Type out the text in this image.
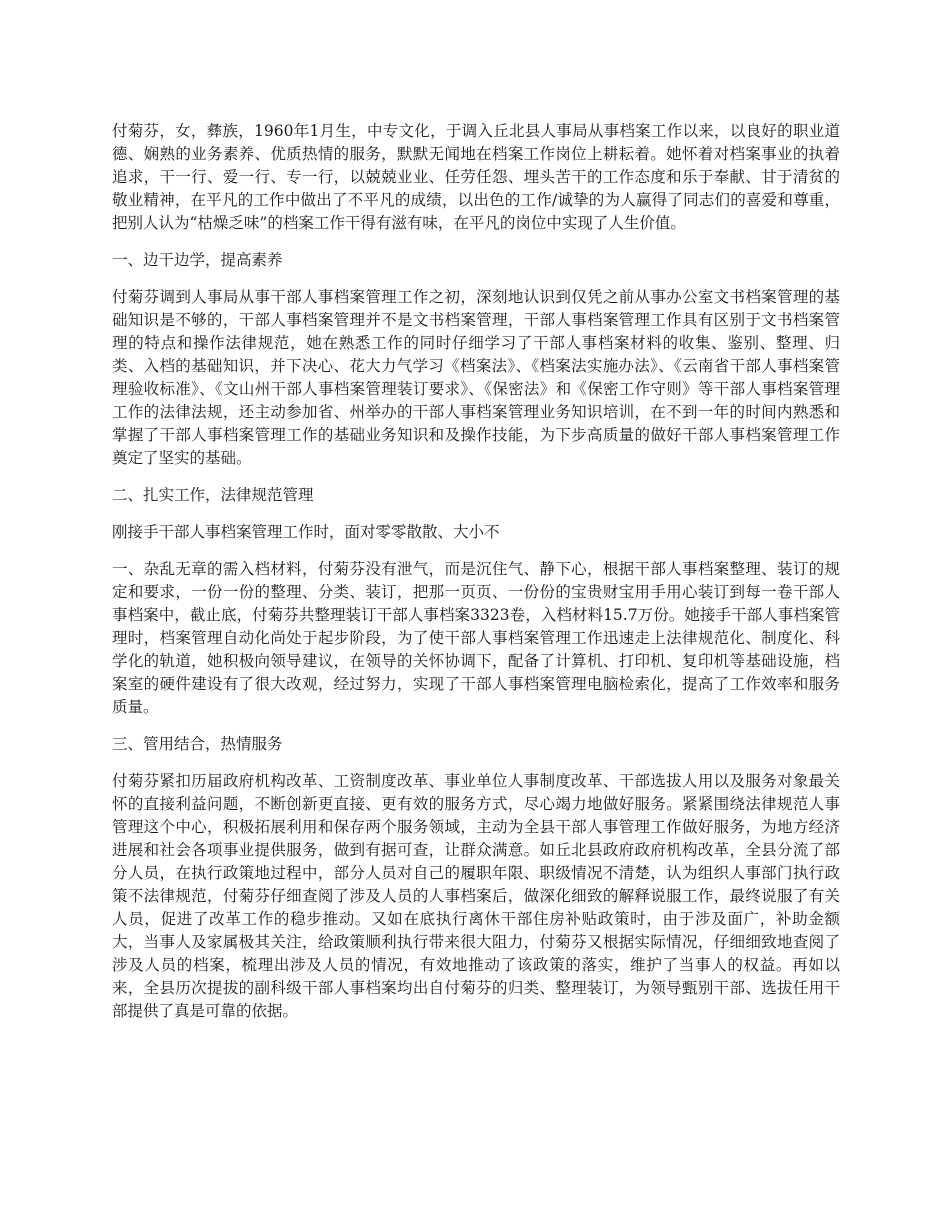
付菊芬，女，彝族，1960年1月生，中专文化，于调入丘北县人事局从事档案工作以来，以良好的职业道德、娴熟的业务素养、优质热情的服务，默默无闻地在档案工作岗位上耕耘着。她怀着对档案事业的执着追求，干一行、爱一行、专一行，以兢兢业业、任劳任怨、埋头苦干的工作态度和乐于奉献、甘于清贫的敬业精神，在平凡的工作中做出了不平凡的成绩，以出色的工作/诚挚的为人赢得了同志们的喜爱和尊重，把别人认为“枯燥乏味”的档案工作干得有滋有味，在平凡的岗位中实现了人生价值。

一、边干边学，提高素养

付菊芬调到人事局从事干部人事档案管理工作之初，深刻地认识到仅凭之前从事办公室文书档案管理的基础知识是不够的，干部人事档案管理并不是文书档案管理，干部人事档案管理工作具有区别于文书档案管理的特点和操作法律规范，她在熟悉工作的同时仔细学习了干部人事档案材料的收集、鉴别、整理、归类、入档的基础知识，并下决心、花大力气学习《档案法》、《档案法实施办法》、《云南省干部人事档案管理验收标准》、《文山州干部人事档案管理装订要求》、《保密法》和《保密工作守则》等干部人事档案管理工作的法律法规，还主动参加省、州举办的干部人事档案管理业务知识培训，在不到一年的时间内熟悉和掌握了干部人事档案管理工作的基础业务知识和及操作技能，为下步高质量的做好干部人事档案管理工作奠定了坚实的基础。

二、扎实工作，法律规范管理

刚接手干部人事档案管理工作时，面对零零散散、大小不

一、杂乱无章的需入档材料，付菊芬没有泄气，而是沉住气、静下心，根据干部人事档案整理、装订的规定和要求，一份一份的整理、分类、装订，把那一页页、一份份的宝贵财宝用手用心装订到每一卷干部人事档案中，截止底，付菊芬共整理装订干部人事档案3323卷，入档材料15.7万份。她接手干部人事档案管理时，档案管理自动化尚处于起步阶段，为了使干部人事档案管理工作迅速走上法律规范化、制度化、科学化的轨道，她积极向领导建议，在领导的关怀协调下，配备了计算机、打印机、复印机等基础设施，档案室的硬件建设有了很大改观，经过努力，实现了干部人事档案管理电脑检索化，提高了工作效率和服务质量。

三、管用结合，热情服务

付菊芬紧扣历届政府机构改革、工资制度改革、事业单位人事制度改革、干部选拔人用以及服务对象最关怀的直接利益问题，不断创新更直接、更有效的服务方式，尽心竭力地做好服务。紧紧围绕法律规范人事管理这个中心，积极拓展利用和保存两个服务领域，主动为全县干部人事管理工作做好服务，为地方经济进展和社会各项事业提供服务，做到有据可查，让群众满意。如丘北县政府政府机构改革，全县分流了部分人员，在执行政策地过程中，部分人员对自己的履职年限、职级情况不清楚，认为组织人事部门执行政策不法律规范，付菊芬仔细查阅了涉及人员的人事档案后，做深化细致的解释说服工作，最终说服了有关人员，促进了改革工作的稳步推动。又如在底执行离休干部住房补贴政策时，由于涉及面广，补助金额大，当事人及家属极其关注，给政策顺利执行带来很大阻力，付菊芬又根据实际情况，仔细细致地查阅了涉及人员的档案，梳理出涉及人员的情况，有效地推动了该政策的落实，维护了当事人的权益。再如以来，全县历次提拔的副科级干部人事档案均出自付菊芬的归类、整理装订，为领导甄别干部、选拔任用干部提供了真是可靠的依据。
